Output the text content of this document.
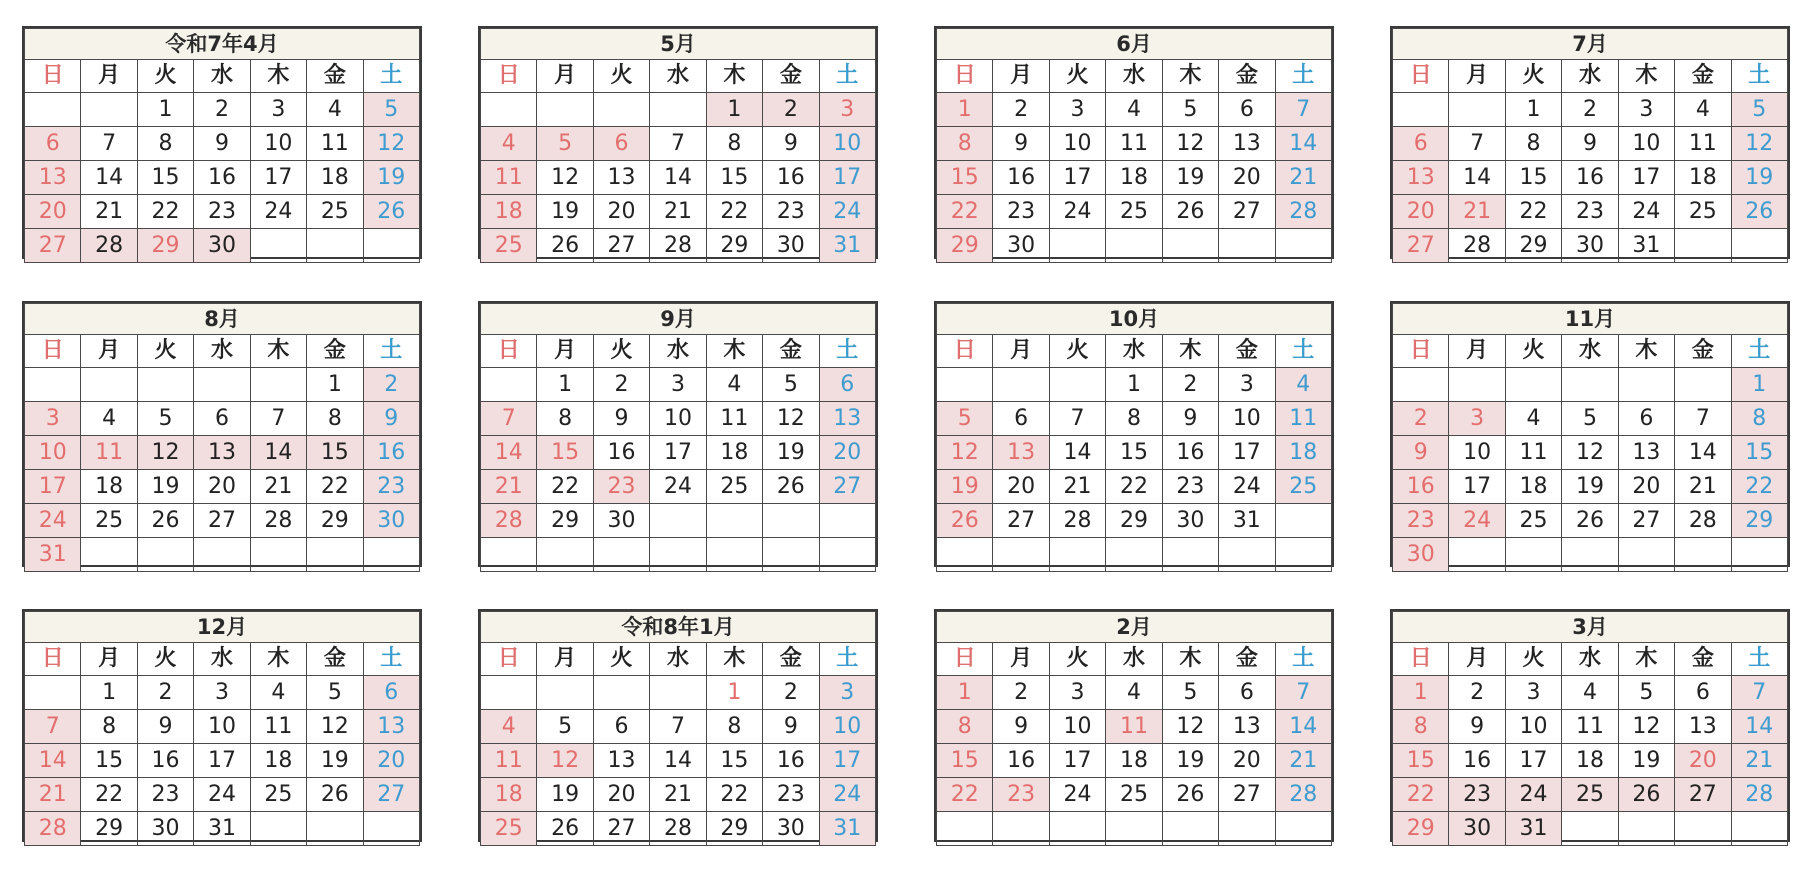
令和7年4月						
日	月	火	水	木	金	土
		1	2	3	4	5
6	7	8	9	10	11	12
13	14	15	16	17	18	19
20	21	22	23	24	25	26
27	28	29	30			
5月						
日	月	火	水	木	金	土
				1	2	3
4	5	6	7	8	9	10
11	12	13	14	15	16	17
18	19	20	21	22	23	24
25	26	27	28	29	30	31
6月						
日	月	火	水	木	金	土
1	2	3	4	5	6	7
8	9	10	11	12	13	14
15	16	17	18	19	20	21
22	23	24	25	26	27	28
29	30					
7月						
日	月	火	水	木	金	土
		1	2	3	4	5
6	7	8	9	10	11	12
13	14	15	16	17	18	19
20	21	22	23	24	25	26
27	28	29	30	31		
8月						
日	月	火	水	木	金	土
					1	2
3	4	5	6	7	8	9
10	11	12	13	14	15	16
17	18	19	20	21	22	23
24	25	26	27	28	29	30
31						
9月						
日	月	火	水	木	金	土
	1	2	3	4	5	6
7	8	9	10	11	12	13
14	15	16	17	18	19	20
21	22	23	24	25	26	27
28	29	30				

10月						
日	月	火	水	木	金	土
			1	2	3	4
5	6	7	8	9	10	11
12	13	14	15	16	17	18
19	20	21	22	23	24	25
26	27	28	29	30	31	

11月						
日	月	火	水	木	金	土
						1
2	3	4	5	6	7	8
9	10	11	12	13	14	15
16	17	18	19	20	21	22
23	24	25	26	27	28	29
30						
12月						
日	月	火	水	木	金	土
	1	2	3	4	5	6
7	8	9	10	11	12	13
14	15	16	17	18	19	20
21	22	23	24	25	26	27
28	29	30	31			
令和8年1月						
日	月	火	水	木	金	土
				1	2	3
4	5	6	7	8	9	10
11	12	13	14	15	16	17
18	19	20	21	22	23	24
25	26	27	28	29	30	31
2月						
日	月	火	水	木	金	土
1	2	3	4	5	6	7
8	9	10	11	12	13	14
15	16	17	18	19	20	21
22	23	24	25	26	27	28

3月						
日	月	火	水	木	金	土
1	2	3	4	5	6	7
8	9	10	11	12	13	14
15	16	17	18	19	20	21
22	23	24	25	26	27	28
29	30	31				
